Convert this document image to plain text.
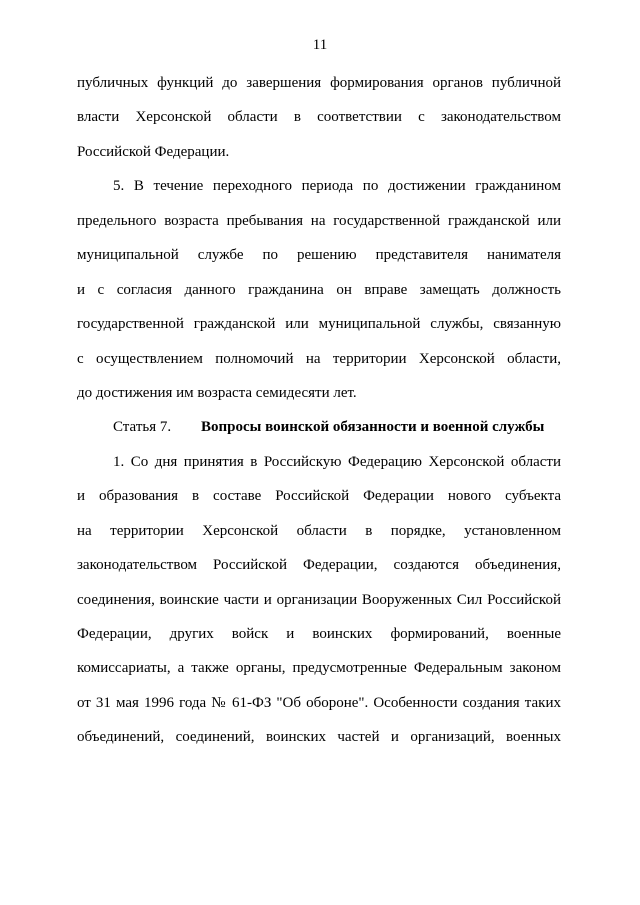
11
публичных функций до завершения формирования органов публичной
власти Херсонской области в соответствии с законодательством
Российской Федерации.
5. В течение переходного периода по достижении гражданином
предельного возраста пребывания на государственной гражданской или
муниципальной службе по решению представителя нанимателя
и с согласия данного гражданина он вправе замещать должность
государственной гражданской или муниципальной службы, связанную
с осуществлением полномочий на территории Херсонской области,
до достижения им возраста семидесяти лет.
Статья 7. Вопросы воинской обязанности и военной службы
1. Со дня принятия в Российскую Федерацию Херсонской области
и образования в составе Российской Федерации нового субъекта
на территории Херсонской области в порядке, установленном
законодательством Российской Федерации, создаются объединения,
соединения, воинские части и организации Вооруженных Сил Российской
Федерации, других войск и воинских формирований, военные
комиссариаты, а также органы, предусмотренные Федеральным законом
от 31 мая 1996 года № 61-ФЗ "Об обороне". Особенности создания таких
объединений, соединений, воинских частей и организаций, военных
